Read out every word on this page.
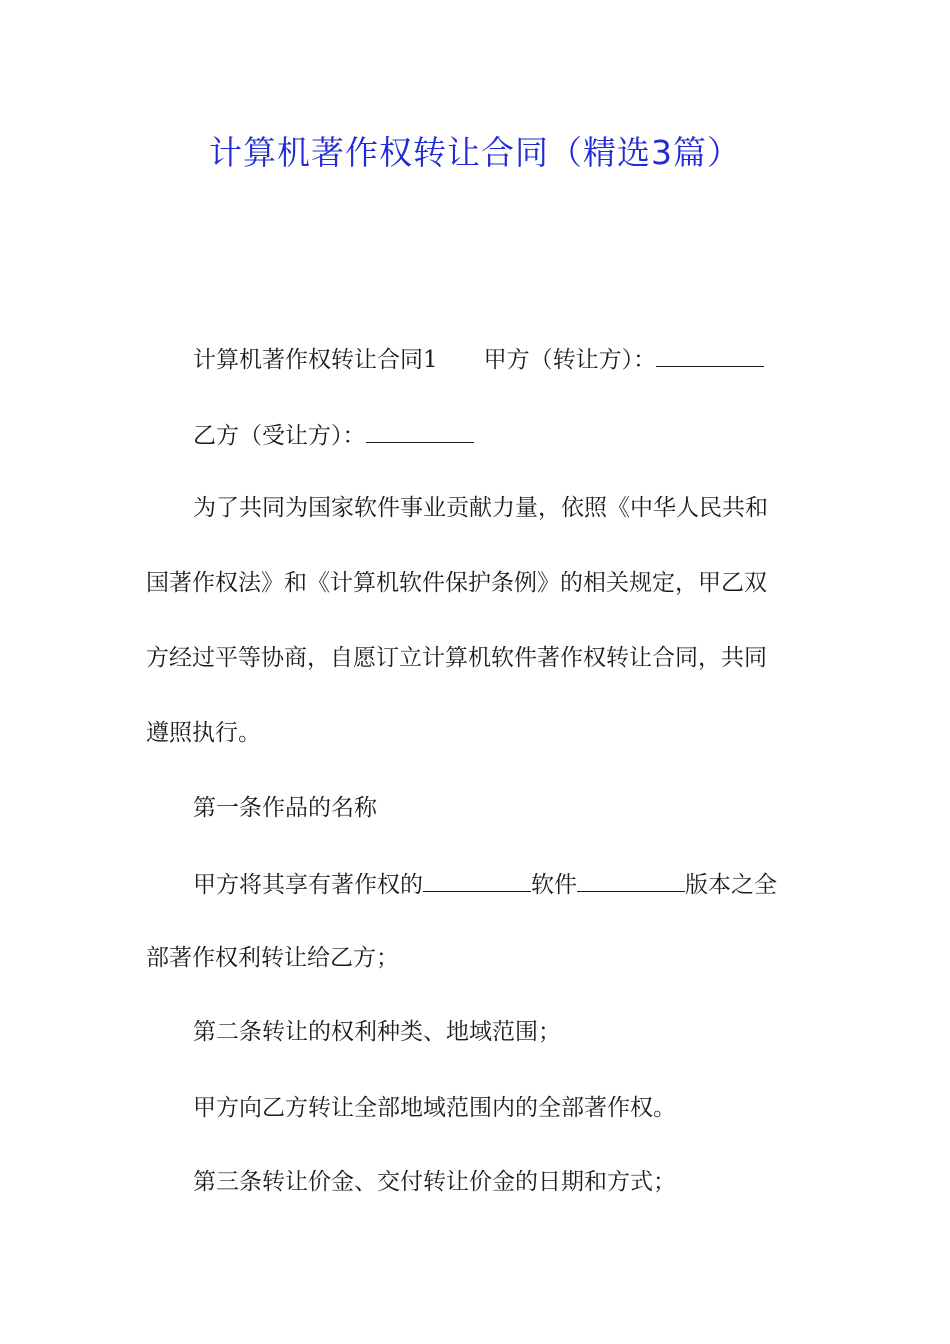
计算机著作权转让合同（精选3篇）

计算机著作权转让合同1 甲方（转让方）：

乙方（受让方）：

为了共同为国家软件事业贡献力量，依照《中华人民共和

国著作权法》和《计算机软件保护条例》的相关规定，甲乙双

方经过平等协商，自愿订立计算机软件著作权转让合同，共同

遵照执行。

第一条作品的名称

甲方将其享有著作权的	软件	版本之全

部著作权利转让给乙方；

第二条转让的权利种类、地域范围；

甲方向乙方转让全部地域范围内的全部著作权。

第三条转让价金、交付转让价金的日期和方式；
